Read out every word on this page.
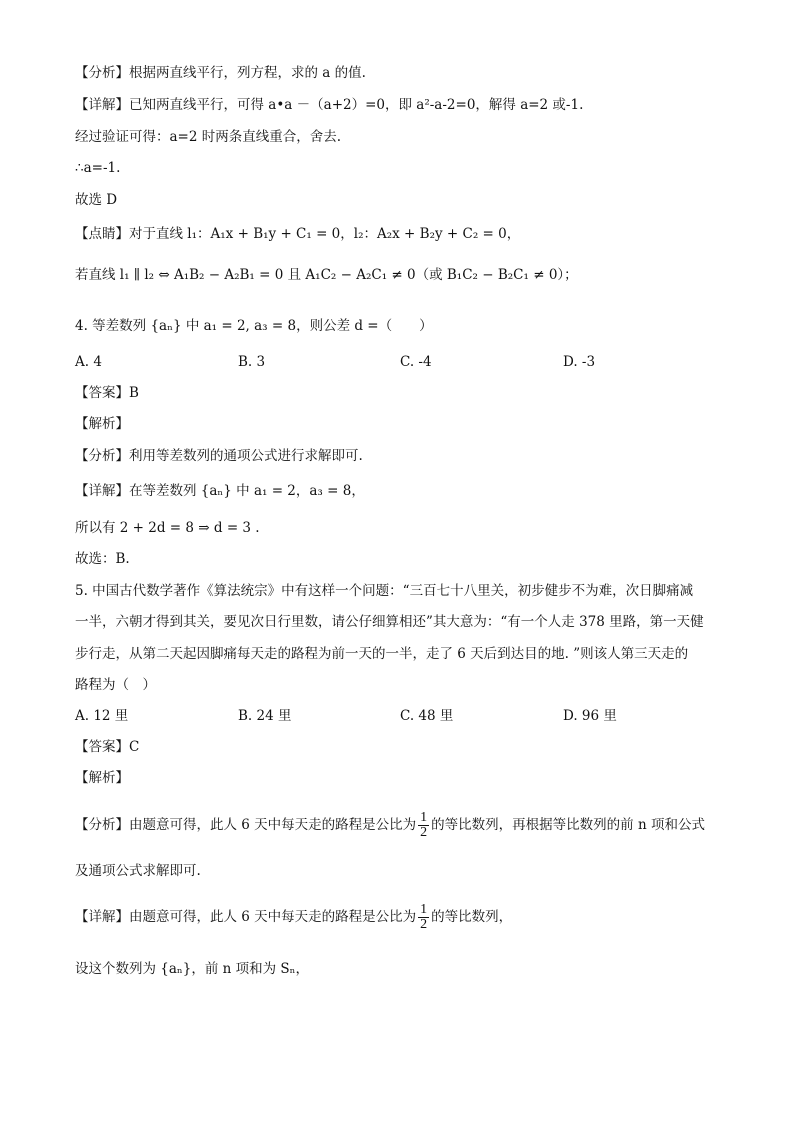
【分析】根据两直线平行，列方程，求的 a 的值.
【详解】已知两直线平行，可得 a•a －（a+2）=0，即 a²-a-2=0，解得 a=2 或-1.
经过验证可得：a=2 时两条直线重合，舍去.
∴a=-1.
故选 D
【点睛】对于直线 l₁：A₁x + B₁y + C₁ = 0，l₂：A₂x + B₂y + C₂ = 0，
若直线 l₁ ∥ l₂ ⇔ A₁B₂ − A₂B₁ = 0 且 A₁C₂ − A₂C₁ ≠ 0（或 B₁C₂ − B₂C₁ ≠ 0）；
4. 等差数列 {aₙ} 中 a₁ = 2, a₃ = 8，则公差 d =（　　）
A. 4	B. 3	C. -4	D. -3
【答案】B
【解析】
【分析】利用等差数列的通项公式进行求解即可.
【详解】在等差数列 {aₙ} 中 a₁ = 2，a₃ = 8，
所以有 2 + 2d = 8 ⇒ d = 3 .
故选：B.
5. 中国古代数学著作《算法统宗》中有这样一个问题：“三百七十八里关，初步健步不为难，次日脚痛减
一半，六朝才得到其关，要见次日行里数，请公仔细算相还”其大意为：“有一个人走 378 里路，第一天健
步行走，从第二天起因脚痛每天走的路程为前一天的一半，走了 6 天后到达目的地. ”则该人第三天走的
路程为（　）
A. 12 里	B. 24 里	C. 48 里	D. 96 里
【答案】C
【解析】
【分析】由题意可得，此人 6 天中每天走的路程是公比为 $\frac{1}{2}$ 的等比数列，再根据等比数列的前 n 项和公式
及通项公式求解即可.
【详解】由题意可得，此人 6 天中每天走的路程是公比为 $\frac{1}{2}$ 的等比数列，
设这个数列为 {aₙ}，前 n 项和为 Sₙ，
